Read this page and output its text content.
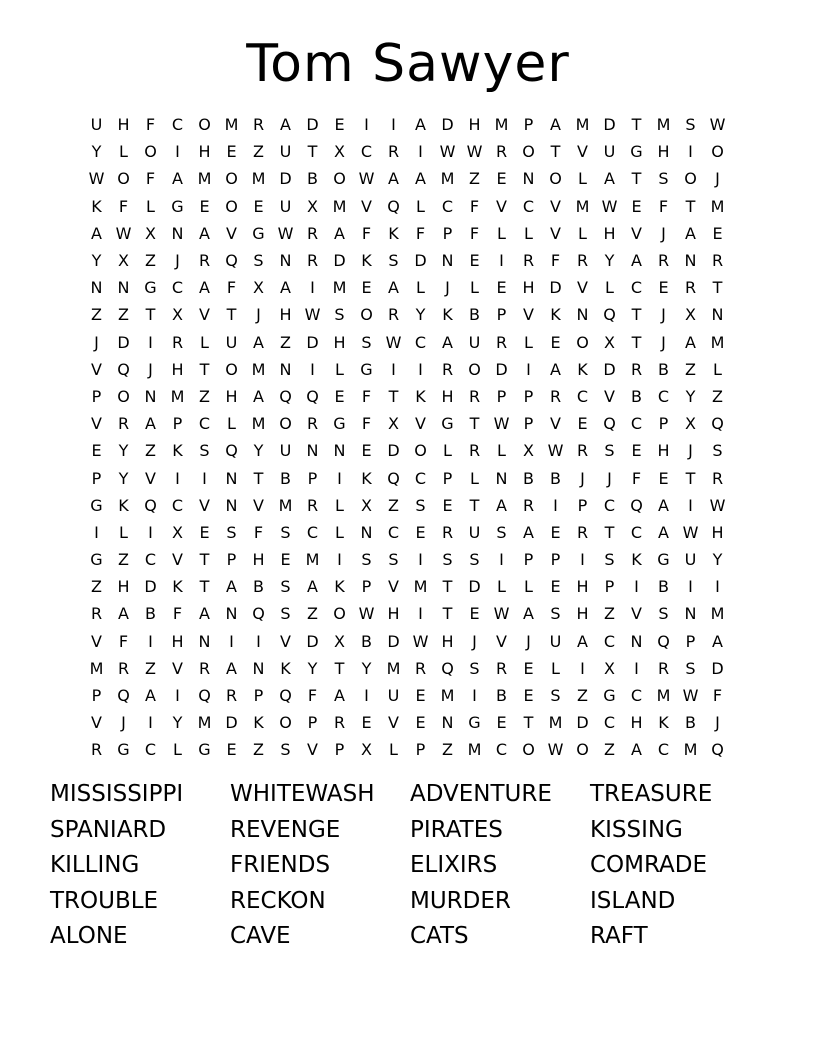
Tom Sawyer
U H	F	C O M R A D E	I	I	A D H M P	A M D T M S W
Y	L	O	I	H E	Z U	T	X C R	I	W W R O T	V U G H	I	O
W O	F	A M O M D B O W A	A M Z	E N O	L	A	T	S O	J
K	F	L	G E O E	U X M V Q	L	C	F	V C V M W E	F	T M
A W X N A	V G W R A	F	K	F	P	F	L	L	V	L	H V	J	A	E
Y	X	Z	J	R Q S N R D K	S D N E	I	R	F	R	Y	A R N R
N N G C A	F	X	A	I	M E	A	L	J	L	E H D V	L	C	E	R	T
Z	Z	T	X	V	T	J	H W S O R	Y	K	B	P	V	K N Q T	J	X N
J	D	I	R	L	U A	Z D H S W C A U R	L	E O X	T	J	A M
V Q	J	H	T O M N	I	L	G	I	I	R O D	I	A	K D R B	Z	L
P O N M Z H A Q Q E	F	T	K H R	P	P	R C V	B C	Y	Z
V R A	P	C	L M O R G	F	X	V G T W P	V	E Q C	P	X Q
E	Y	Z	K	S Q Y	U N N E D O	L	R	L	X W R	S	E H	J	S
P	Y	V	I	I	N	T	B	P	I	K Q C	P	L	N B	B	J	J	F	E	T	R
G K Q C V N V M R	L	X	Z	S	E	T	A R	I	P	C Q A	I	W
I	L	I	X	E	S	F	S	C	L	N C	E	R U	S	A	E	R	T	C A W H
G Z C V	T	P	H E M	I	S	S	I	S	S	I	P	P	I	S	K G U	Y
Z H D K	T	A	B	S	A	K	P	V M T D	L	L	E H	P	I	B	I	I
R A	B	F	A N Q S	Z O W H	I	T	E W A	S H Z	V	S N M
V	F	I	H N	I	I	V D X	B D W H	J	V	J	U A C N Q P	A
M R Z	V R A N K	Y	T	Y M R Q S	R	E	L	I	X	I	R	S D
P Q A	I	Q R	P Q	F	A	I	U	E M	I	B	E	S	Z G C M W F
V	J	I	Y M D K O P	R	E	V	E N G E	T M D C H K	B	J
R G C	L	G E	Z	S	V	P	X	L	P	Z M C O W O Z	A C M Q
MISSISSIPPI	WHITEWASH	ADVENTURE	TREASURE
SPANIARD	REVENGE	PIRATES	KISSING
KILLING	FRIENDS	ELIXIRS	COMRADE
TROUBLE	RECKON	MURDER	ISLAND
ALONE	CAVE	CATS	RAFT
